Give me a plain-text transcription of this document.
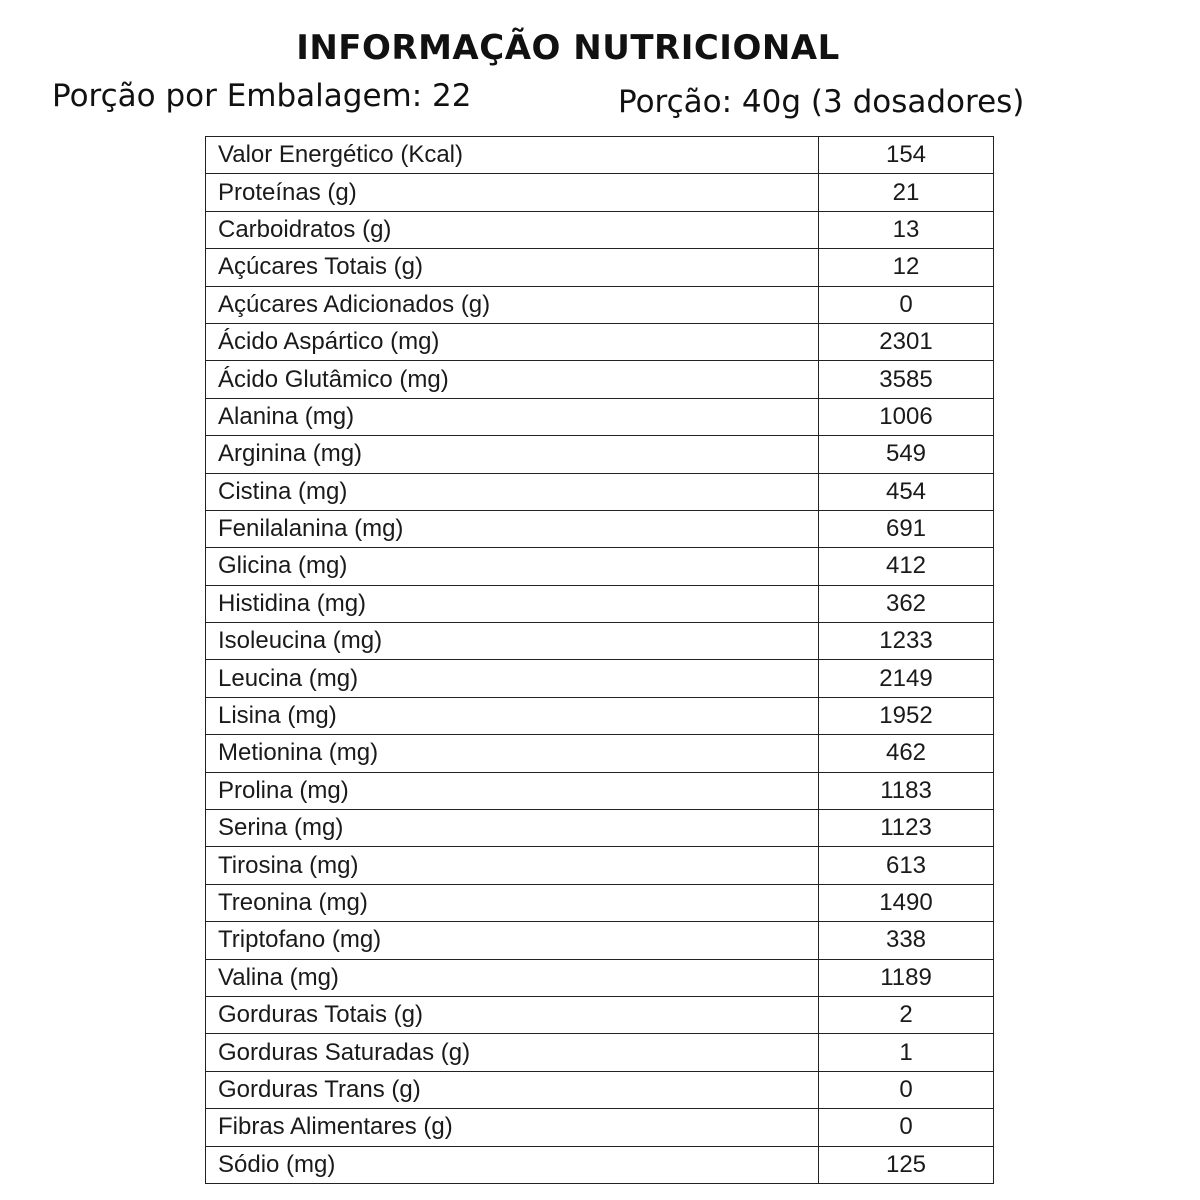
INFORMAÇÃO NUTRICIONAL
Porção por Embalagem: 22	Porção: 40g (3 dosadores)
Valor Energético (Kcal)	154
Proteínas (g)	21
Carboidratos (g)	13
Açúcares Totais (g)	12
Açúcares Adicionados (g)	0
Ácido Aspártico (mg)	2301
Ácido Glutâmico (mg)	3585
Alanina (mg)	1006
Arginina (mg)	549
Cistina (mg)	454
Fenilalanina (mg)	691
Glicina (mg)	412
Histidina (mg)	362
Isoleucina (mg)	1233
Leucina (mg)	2149
Lisina (mg)	1952
Metionina (mg)	462
Prolina (mg)	1183
Serina (mg)	1123
Tirosina (mg)	613
Treonina (mg)	1490
Triptofano (mg)	338
Valina (mg)	1189
Gorduras Totais (g)	2
Gorduras Saturadas (g)	1
Gorduras Trans (g)	0
Fibras Alimentares (g)	0
Sódio (mg)	125
